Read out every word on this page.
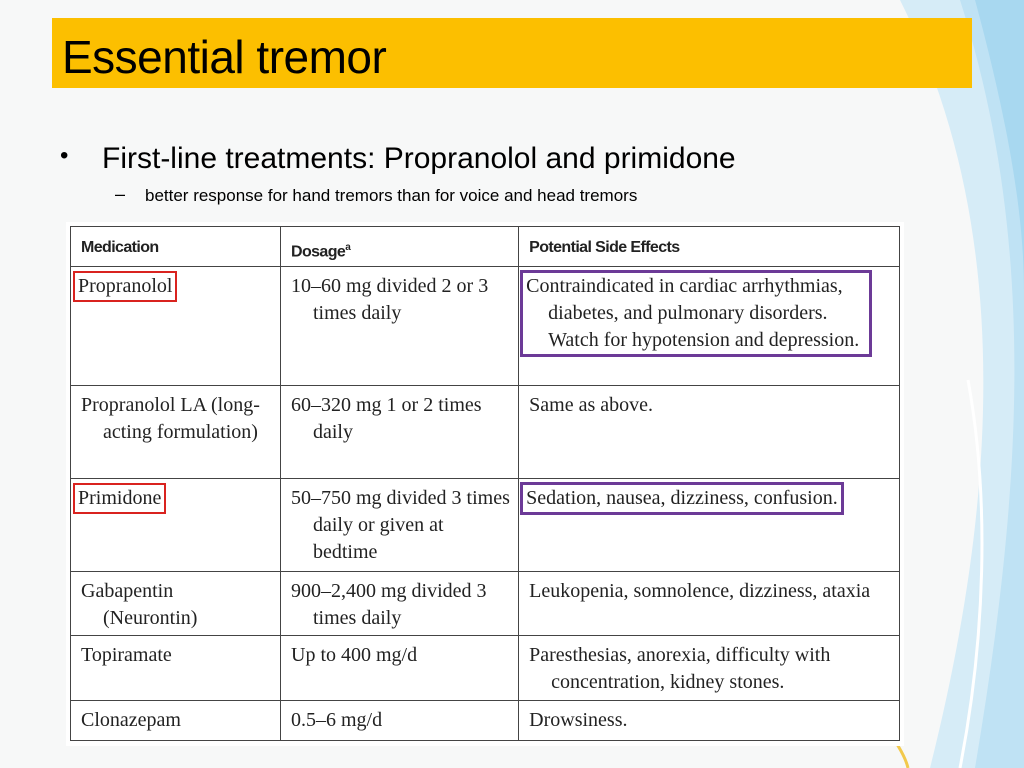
Essential tremor
• First-line treatments: Propranolol and primidone
– better response for hand tremors than for voice and head tremors
Medication	Dosage$^a$	Potential Side Effects
Propranolol	10–60 mg divided 2 or 3 times daily	Contraindicated in cardiac arrhythmias, diabetes, and pulmonary disorders. Watch for hypotension and depression.

Propranolol LA (long-acting formulation)	60–320 mg 1 or 2 times daily	Same as above.
Primidone	50–750 mg divided 3 times daily or given at bedtime	Sedation, nausea, dizziness, confusion.

Gabapentin (Neurontin)	900–2,400 mg divided 3 times daily	Leukopenia, somnolence, dizziness, ataxia

Topiramate	Up to 400 mg/d	Paresthesias, anorexia, difficulty with concentration, kidney stones.

Clonazepam	0.5–6 mg/d	Drowsiness.
